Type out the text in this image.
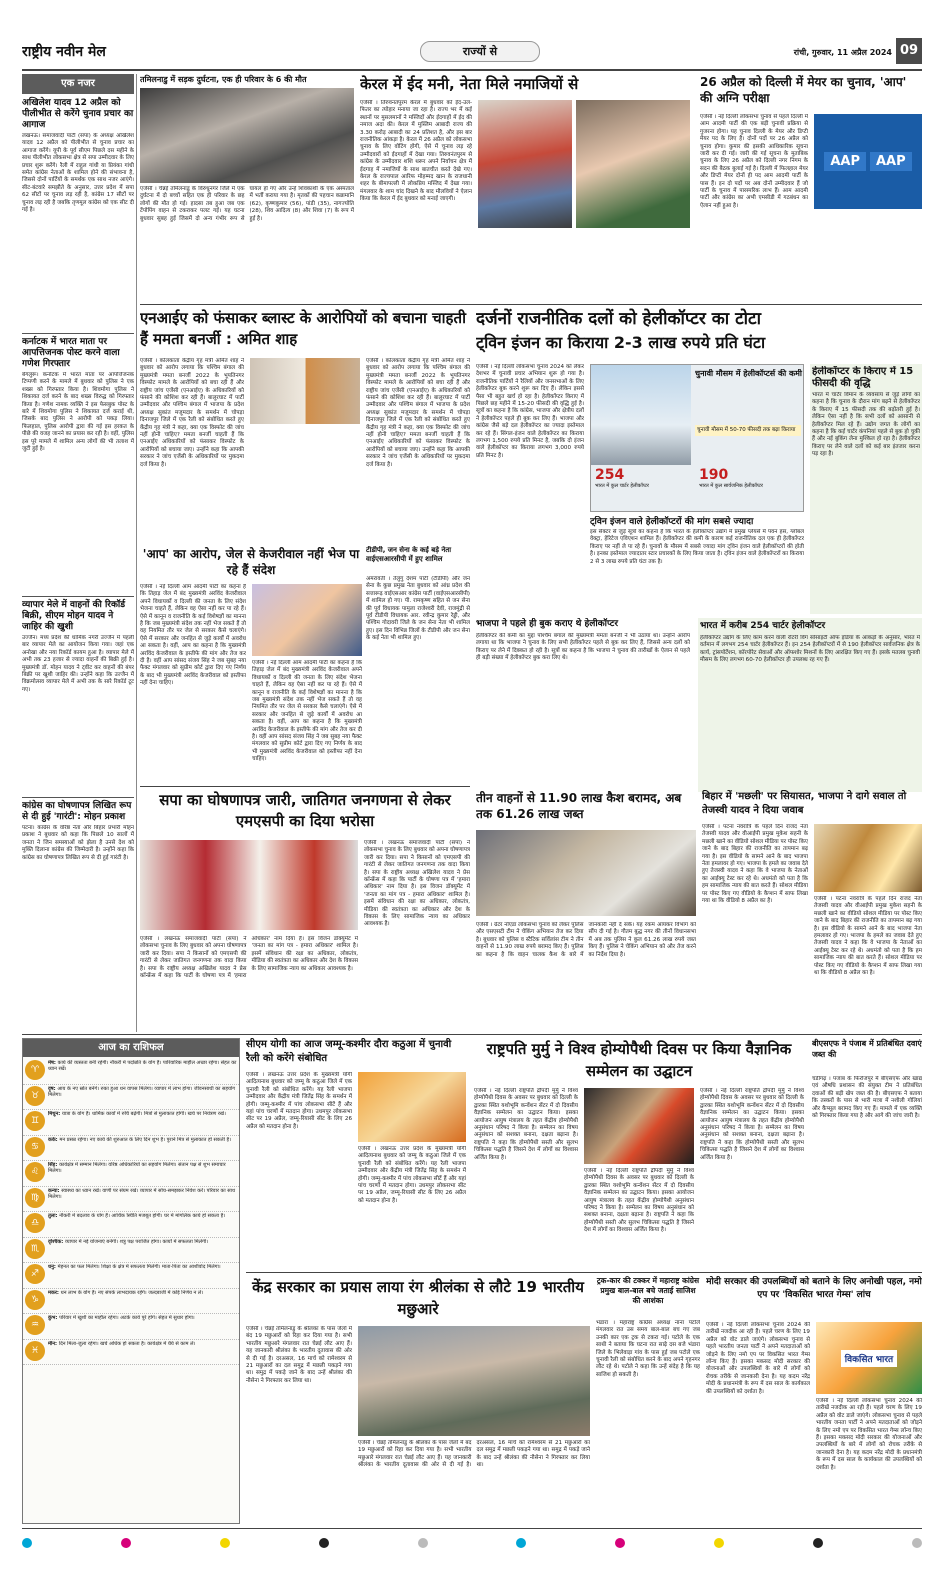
राष्ट्रीय नवीन मेल	राज्यों से	रांची, गुरुवार, 11 अप्रैल 2024 09
एक नजर
अखिलेश यादव 12 अप्रैल को पीलीभीत से करेंगे चुनाव प्रचार का आगाज
लखनऊ। समाजवादी पार्टी (सपा) के अध्यक्ष अखिलेश यादव 12 अप्रैल को पीलीभीत से चुनाव प्रचार का आगाज करेंगे। यूपी के पूर्व सीएम पिछले दस महीने के साथ पीलीभीत लोकसभा क्षेत्र से सपा उम्मीदवार के लिए प्रचार शुरू करेंगे। रैली में राहुल गांधी या प्रियंका गांधी समेत कांग्रेस नेताओं के शामिल होने की संभावना है, जिससे दोनों पार्टियों के समर्थक एक साथ नजर आएंगे। सीट-बंटवारे समझौते के अनुसार, उत्तर प्रदेश में सपा 62 सीटों पर चुनाव लड़ रही है, कांग्रेस 17 सीटों पर चुनाव लड़ रही है जबकि तृणमूल कांग्रेस को एक सीट दी गई है।
कर्नाटक में भारत माता पर आपत्तिजनक पोस्ट करने वाला गणेश गिरफ्तार
बेंगलुरू। कर्नाटक में भारत माता पर आपत्तिजनक टिप्पणी करने के मामले में बुधवार को पुलिस ने एक शख्स को गिरफ्तार किया है। शिवमोगा पुलिस ने शिकायत दर्ज करने के बाद शख्स विरुद्ध को गिरफ्तार किया है। गणेश नामक व्यक्ति ने इस फेसबुक पोस्ट के बारे में शिवमोगा पुलिस ने शिकायत दर्ज कराई थी, जिसके बाद पुलिस ने आरोपी को पकड़ लिया। फिलहाल, पुलिस आरोपी द्वारा की गई इस हरकत के पीछे की वजह जानने का प्रयास कर रही है। वहीं, पुलिस इस पूरे मामले में शामिल अन्य लोगों की भी तलाश में जुटी हुई है।
व्यापार मेले में वाहनों की रिकॉर्ड बिक्री, सीएम मोहन यादव ने जाहिर की खुशी
उज्जैन। मध्य प्रदेश की धार्मिक नगरी उज्जैन में पहली बार व्यापार मेले का आयोजन किया गया। जहां एक अनोखा और नया रिकॉर्ड कायम हुआ है। व्यापार मेले में अभी तक 23 हजार से ज्यादा वाहनों की बिक्री हुई है। मुख्यमंत्री डॉ. मोहन यादव ने ट्वीट कर वाहनों की बंपर बिक्री पर खुशी जाहिर की। उन्होंने कहा कि उज्जैन में विक्रमोत्सव व्यापार मेले में अभी तक के सारे रिकॉर्ड टूट गए।
कांग्रेस का घोषणापत्र लिखित रूप से दी हुई 'गारंटी': मोहन प्रकाश
पटना। कांग्रेस के वरिष्ठ नेता और बिहार प्रभारी मोहन प्रकाश ने बुधवार को कहा कि पिछले 10 सालों में जनता ने जिन समस्याओं को झेला है उनसे देश को मुक्ति दिलाना कांग्रेस की जिम्मेदारी है। उन्होंने कहा कि कांग्रेस का घोषणापत्र लिखित रूप से दी हुई गारंटी है।
तमिलनाडु में सड़क दुर्घटना, एक ही परिवार के 6 की मौत
एजेंसी । चेन्नई तमिलनाडु के विरुधुनगर जिले में एक दुर्घटना में दो बच्चों सहित एक ही परिवार के छह लोगों की मौत हो गई। हादसा तब हुआ जब एक टेंपोपिंग वाहन से टकराकर पलट गई। यह घटना बुधवार सुबह हुई जिसमें दो अन्य गंभीर रूप से घायल हो गए और उन्हें शिवकाशी के एक अस्पताल में भर्ती कराया गया है। मृतकों की पहचान कन्नामानि (62), कृष्णकुमार (56), पांडी (35), नागज्योति (28), शिव आदित्य (8) और शिवा (7) के रूप में हुई है।
केरल में ईद मनी, नेता मिले नमाजियों से
एजेंसी । तिरुवनंतपुरम केरल में बुधवार को ईद-उल-फितर का त्योहार मनाया जा रहा है। राज्य भर में कई स्थानों पर मुसलमानों ने मस्जिदों और ईदगाहों में ईद की नमाज अदा की। केरल में मुस्लिम आबादी राज्य की 3.30 करोड़ आबादी का 24 प्रतिशत है, और इस बार राजनीतिक आंकड़ा है। केरल में 26 अप्रैल को लोकसभा चुनाव के लिए वोटिंग होगी, ऐसे में चुनाव लड़ रहे उम्मीदवारों को ईदगाहों में देखा गया। तिरुवनंतपुरम से कांग्रेस के उम्मीदवार शशि थरूर अपने निर्वाचन क्षेत्र में ईदगाह में नमाजियों के साथ बातचीत करते देखे गए। केरल के राज्यपाल आरिफ मोहम्मद खान के राजधानी शहर के बीमापल्ली में लोकप्रिय मस्जिद में देखा गया। मंगलवार के शाम चांद दिखने के बाद मौलवियों ने ऐलान किया कि केरल में ईद बुधवार को मनाई जाएगी।
26 अप्रैल को दिल्ली में मेयर का चुनाव, 'आप' की अग्नि परीक्षा
एजेंसी । नई दिल्ली लोकसभा चुनाव से पहले दिल्ली में आम आदमी पार्टी की एक बड़ी चुनावी प्रक्रिया से गुजरना होगा। यह चुनाव दिल्ली के मेयर और डिप्टी मेयर पद के लिए है। दोनों पदों पर 26 अप्रैल को चुनाव होगा। कुमार की इसकी आधिकारिक सूचना जारी कर दी गई। जारी की गई सूचना के मुताबिक चुनाव के लिए 26 अप्रैल को दिल्ली नगर निगम के सदन की बैठक बुलाई गई है। दिल्ली में फिलहाल मेयर और डिप्टी मेयर दोनों ही पद आम आदमी पार्टी के पास हैं। इन दो पदों पर अब दोनों उम्मीदवार हैं जो पार्टी के चुनाव में पारस्परिक लाभ हैं। आम आदमी पार्टी और कांग्रेस का अभी एमसीडी में गठबंधन का ऐलान नहीं हुआ है।
AAP	AAP
एनआईए को फंसाकर ब्लास्ट के आरोपियों को बचाना चाहती हैं ममता बनर्जी : अमित शाह
एजेंसी । कोलकाता केंद्रीय गृह मंत्री अमित शाह ने बुधवार को आरोप लगाया कि पश्चिम बंगाल की मुख्यमंत्री ममता बनर्जी 2022 के भूपतिनगर विस्फोट मामले के आरोपियों को बचा रही हैं और राष्ट्रीय जांच एजेंसी (एनआईए) के अधिकारियों को फंसाने की कोशिश कर रही हैं। बालुरघाट में पार्टी उम्मीदवार और पश्चिम बंगाल में भाजपा के प्रदेश अध्यक्ष सुकांत मजूमदार के समर्थन में चोपड़ा दिनाजपुर जिले में एक रैली को संबोधित करते हुए केंद्रीय गृह मंत्री ने कहा, क्या एक विस्फोट की जांच नहीं होनी चाहिए? ममता बनर्जी चाहती हैं कि एनआईए अधिकारियों को फंसाकर विस्फोट के आरोपियों को बचाया जाए। उन्होंने कहा कि आपकी सरकार ने जांच एजेंसी के अधिकारियों पर मुकदमा दर्ज किया है।
एजेंसी । कोलकाता केंद्रीय गृह मंत्री अमित शाह ने बुधवार को आरोप लगाया कि पश्चिम बंगाल की मुख्यमंत्री ममता बनर्जी 2022 के भूपतिनगर विस्फोट मामले के आरोपियों को बचा रही हैं और राष्ट्रीय जांच एजेंसी (एनआईए) के अधिकारियों को फंसाने की कोशिश कर रही हैं। बालुरघाट में पार्टी उम्मीदवार और पश्चिम बंगाल में भाजपा के प्रदेश अध्यक्ष सुकांत मजूमदार के समर्थन में चोपड़ा दिनाजपुर जिले में एक रैली को संबोधित करते हुए केंद्रीय गृह मंत्री ने कहा, क्या एक विस्फोट की जांच नहीं होनी चाहिए? ममता बनर्जी चाहती हैं कि एनआईए अधिकारियों को फंसाकर विस्फोट के आरोपियों को बचाया जाए। उन्होंने कहा कि आपकी सरकार ने जांच एजेंसी के अधिकारियों पर मुकदमा दर्ज किया है।
दर्जनों राजनीतिक दलों को हेलीकॉप्टर का टोटा
ट्विन इंजन का किराया 2-3 लाख रुपये प्रति घंटा
एजेंसी । नई दिल्ली लोकसभा चुनाव 2024 को लेकर देशभर में चुनावी प्रचार अभियान शुरू हो गया है। राजनीतिक पार्टियों ने रैलियों और जनसभाओं के लिए हेलीकॉप्टर बुक करने शुरू कर दिए हैं। लेकिन इससे पैसा भी बहुत खर्च हो रहा है। हेलीकॉप्टर किराए में पिछले छह महीने में 15-20 फीसदी की वृद्धि हुई है। सूत्रों का कहना है कि कांग्रेस, भाजपा और क्षेत्रीय दलों ने हेलीकॉप्टर पहले ही बुक कर लिए हैं। भाजपा और कांग्रेस जैसे बड़े दल हेलीकॉप्टर का ज्यादा इस्तेमाल कर रहे हैं। सिंगल-इंजन वाले हेलीकॉप्टर का किराया लगभग 1,500 रुपये प्रति मिनट है, जबकि दो इंजन वाले हेलीकॉप्टर का किराया लगभग 3,000 रुपये प्रति मिनट है।
चुनावी मौसम में हेलीकॉप्टर्स की कमी
254
भारत में कुल चार्टर हेलीकॉप्टर
190
भारत में कुल सार्वजनिक हेलीकॉप्टर
चुनावी मौसम में 50-70 फीसदी तक बढ़ा किराया
ट्विन इंजन वाले हेलीकॉप्टरों की मांग सबसे ज्यादा
इस सेक्टर से जुड़े सूत्रों का कहना है कि भारत के हेलीकॉप्टर उद्योग में प्रमुख प्लेयर्स में पवन हंस, ग्लोबल वेक्ट्रा, हेरिटेज एविएशन शामिल हैं। हेलीकॉप्टर की कमी के कारण कई राजनीतिक दल एक ही हेलीकॉप्टर किराए पर नहीं ले पा रहे हैं। चुनावों के मौसम में सबसे ज्यादा मांग ट्विन इंजन वाले हेलीकॉप्टरों की होती है। इनका इस्तेमाल ज्यादातर स्टार प्रचारकों के लिए किया जाता है। ट्विन इंजन वाले हेलीकॉप्टरों का किराया 2 से 3 लाख रुपये प्रति घंटा तक है।
हेलीकॉप्टर के किराए में 15 फीसदी की वृद्धि
भारत में चार्टर विमान के व्यवसाय से जुड़े लोगों का कहना है कि चुनाव के दौरान मांग बढ़ने से हेलीकॉप्टर के किराए में 15 फीसदी तक की बढ़ोतरी हुई है। लेकिन ऐसा नहीं है कि सभी दलों को आसानी से हेलीकॉप्टर मिल रहे हैं। उद्योग जगत के लोगों का कहना है कि कई चार्टर कंपनियां पहले से बुक हो चुकी हैं और नई बुकिंग लेना मुश्किल हो रहा है। हेलीकॉप्टर किराए पर लेने वाले दलों को कई बार इंतजार करना पड़ रहा है।
भाजपा ने पहले ही बुक कराए थे हेलीकॉप्टर
हेलीकॉप्टर की कमी का मुद्दा पश्चिम बंगाल की मुख्यमंत्री ममता बनर्जी ने भी उठाया था। उन्होंने आरोप लगाया था कि भाजपा ने चुनाव के लिए सभी हेलीकॉप्टर पहले से बुक कर लिए हैं, जिससे अन्य दलों को किराए पर लेने में दिक्कत हो रही है। सूत्रों का कहना है कि भाजपा ने चुनाव की तारीखों के ऐलान से पहले ही बड़ी संख्या में हेलीकॉप्टर बुक करा लिए थे।
भारत में करीब 254 चार्टर हेलीकॉप्टर
हेलीकॉप्टर उद्योग के लिए काम करने वाली रोटरी विंग सोसाइटी ऑफ इंडिया के आंकड़ों के अनुसार, भारत में वर्तमान में लगभग 254 चार्टर हेलीकॉप्टर हैं। इन 254 हेलीकॉप्टरों में से 190 हेलीकॉप्टर सार्वजनिक क्षेत्र के कार्य, ट्रांसपोर्टेशन, कॉरपोरेट सेवाओं और ऑफशोर मिशनों के लिए आरक्षित किए गए हैं। इसके मतलब चुनावी मौसम के लिए लगभग 60-70 हेलीकॉप्टर ही उपलब्ध रह गए हैं।
'आप' का आरोप, जेल से केजरीवाल नहीं भेज पा रहे हैं संदेश
एजेंसी । नई दिल्ली आम आदमी पार्टी का कहना है कि तिहाड़ जेल में बंद मुख्यमंत्री अरविंद केजरीवाल अपने विधायकों व दिल्ली की जनता के लिए संदेश भेजना चाहते हैं, लेकिन वह ऐसा नहीं कर पा रहे हैं। ऐसे में कानून व राजनीति के कई विशेषज्ञों का मानना है कि जब मुख्यमंत्री संदेश तक नहीं भेज सकते हैं तो वह नियमित तौर पर जेल से सरकार कैसे चलाएंगे। ऐसे में सरकार और जनहित से जुड़े कार्यों में अवरोध आ सकता है। वहीं, आप का कहना है कि मुख्यमंत्री अरविंद केजरीवाल के इस्तीफे की मांग और तेज कर दी है। वहीं आप सांसद संजय सिंह ने जब सुबह नया फैक्ट मंगलवार को सुप्रीम कोर्ट द्वारा दिए गए निर्णय के बाद भी मुख्यमंत्री अरविंद केजरीवाल को इस्तीफा नहीं देना चाहिए।
एजेंसी । नई दिल्ली आम आदमी पार्टी का कहना है कि तिहाड़ जेल में बंद मुख्यमंत्री अरविंद केजरीवाल अपने विधायकों व दिल्ली की जनता के लिए संदेश भेजना चाहते हैं, लेकिन वह ऐसा नहीं कर पा रहे हैं। ऐसे में कानून व राजनीति के कई विशेषज्ञों का मानना है कि जब मुख्यमंत्री संदेश तक नहीं भेज सकते हैं तो वह नियमित तौर पर जेल से सरकार कैसे चलाएंगे। ऐसे में सरकार और जनहित से जुड़े कार्यों में अवरोध आ सकता है। वहीं, आप का कहना है कि मुख्यमंत्री अरविंद केजरीवाल के इस्तीफे की मांग और तेज कर दी है। वहीं आप सांसद संजय सिंह ने जब सुबह नया फैक्ट मंगलवार को सुप्रीम कोर्ट द्वारा दिए गए निर्णय के बाद भी मुख्यमंत्री अरविंद केजरीवाल को इस्तीफा नहीं देना चाहिए।
टीडीपी, जन सेना के कई बड़े नेता वाईएसआरसीपी में हुए शामिल
अमरावती । तेलुगु देशम पार्टी (टीडीपी) और जन सेना के कुछ प्रमुख नेता बुधवार को आंध्र प्रदेश की सत्तारूढ़ वाईएसआर कांग्रेस पार्टी (वाईएसआरसीपी) में शामिल हो गए। पी. रामकृष्ण सहित से जन सेना की पूर्व विधायक पामुला राजेश्वरी देवी, राजमुंद्री से पूर्व टीडीपी विधायक आर. रवीन्द्र कुमार रेड्डी, और पश्चिम गोदावरी जिले के जन सेना नेता भी शामिल हुए। इस दिन विभिन्न जिलों के टीडीपी और जन सेना के कई नेता भी शामिल हुए।
सपा का घोषणापत्र जारी, जातिगत जनगणना से लेकर एमएसपी का दिया भरोसा
एजेंसी । लखनऊ समाजवादी पार्टी (सपा) ने लोकसभा चुनाव के लिए बुधवार को अपना घोषणापत्र जारी कर दिया। सपा ने किसानों को एमएसपी की गारंटी से लेकर जातिगत जनगणना तक वादा किया है। सपा के राष्ट्रीय अध्यक्ष अखिलेश यादव ने प्रेस कॉन्फ्रेंस में कहा कि पार्टी के घोषणा पत्र में 'हमारा अधिकार' नाम दिया है। इस विजन डॉक्यूमेंट में 'जनता का मांग पत्र - हमारा अधिकार' शामिल है। इसमें संविधान की रक्षा का अधिकार, लोकतंत्र, मीडिया की स्वतंत्रता का अधिकार और देश के विकास के लिए सामाजिक न्याय का अधिकार आवश्यक है।
एजेंसी । लखनऊ समाजवादी पार्टी (सपा) ने लोकसभा चुनाव के लिए बुधवार को अपना घोषणापत्र जारी कर दिया। सपा ने किसानों को एमएसपी की गारंटी से लेकर जातिगत जनगणना तक वादा किया है। सपा के राष्ट्रीय अध्यक्ष अखिलेश यादव ने प्रेस कॉन्फ्रेंस में कहा कि पार्टी के घोषणा पत्र में 'हमारा अधिकार' नाम दिया है। इस विजन डॉक्यूमेंट में 'जनता का मांग पत्र - हमारा अधिकार' शामिल है। इसमें संविधान की रक्षा का अधिकार, लोकतंत्र, मीडिया की स्वतंत्रता का अधिकार और देश के विकास के लिए सामाजिक न्याय का अधिकार आवश्यक है।
तीन वाहनों से 11.90 लाख कैश बरामद, अब तक 61.26 लाख जब्त
एजेंसी । ग्रेटर नोएडा लोकसभा चुनाव को लेकर पुलिस और एसएसटी टीम ने चेकिंग अभियान तेज कर दिया है। बुधवार को पुलिस व स्टैटिक सर्विलांस टीम ने तीन वाहनों से 11.90 लाख रुपये बरामद किए हैं। पुलिस का कहना है कि वाहन चालक कैश के बारे में जानकारी नहीं दे सके। यह रकम आयकर विभाग को सौंप दी गई है। गौतम बुद्ध नगर की तीनों विधानसभा में अब तक पुलिस ने कुल 61.26 लाख रुपये जब्त किए हैं। पुलिस ने चेकिंग अभियान को और तेज करने का निर्देश दिया है।
बिहार में 'मछली' पर सियासत, भाजपा ने दागे सवाल तो तेजस्वी यादव ने दिया जवाब
एजेंसी । पटना नवरात्रि के पहले दिन राजद नेता तेजस्वी यादव और वीआईपी प्रमुख मुकेश सहनी के मछली खाने का वीडियो सोशल मीडिया पर पोस्ट किए जाने के बाद बिहार की राजनीति का तापमान बढ़ गया है। इस वीडियो के सामने आने के बाद भाजपा नेता हमलावर हो गए। भाजपा के हमले का जवाब देते हुए तेजस्वी यादव ने कहा कि वे भाजपा के नेताओं का आईक्यू टेस्ट कर रहे थे। अधमंतो को पता है कि हम सामाजिक न्याय की बात करते हैं। सोशल मीडिया पर पोस्ट किए गए वीडियो के कैप्शन में साफ लिखा गया था कि वीडियो 8 अप्रैल का है।	एजेंसी । पटना नवरात्रि के पहले दिन राजद नेता तेजस्वी यादव और वीआईपी प्रमुख मुकेश सहनी के मछली खाने का वीडियो सोशल मीडिया पर पोस्ट किए जाने के बाद बिहार की राजनीति का तापमान बढ़ गया है। इस वीडियो के सामने आने के बाद भाजपा नेता हमलावर हो गए। भाजपा के हमले का जवाब देते हुए तेजस्वी यादव ने कहा कि वे भाजपा के नेताओं का आईक्यू टेस्ट कर रहे थे। अधमंतो को पता है कि हम सामाजिक न्याय की बात करते हैं। सोशल मीडिया पर पोस्ट किए गए वीडियो के कैप्शन में साफ लिखा गया था कि वीडियो 8 अप्रैल का है।
आज का राशिफल
♈
मेष: कार्य की व्यस्तता बनी रहेगी। नौकरी में पदोन्नति के योग हैं। पारिवारिक माहौल अच्छा रहेगा। सेहत का ध्यान रखें।
♉
वृष: आय के नए स्रोत बनेंगे। रुका हुआ धन वापस मिलेगा। व्यापार में लाभ होगा। जीवनसाथी का सहयोग मिलेगा।
♊
मिथुन: यात्रा के योग हैं। धार्मिक कार्यों में रुचि बढ़ेगी। मित्रों से मुलाकात होगी। खर्च पर नियंत्रण रखें।
♋
कर्क: मन प्रसन्न रहेगा। नए कार्य की शुरुआत के लिए दिन शुभ है। पुराने मित्र से मुलाकात हो सकती है।
♌
सिंह: कार्यक्षेत्र में सम्मान मिलेगा। वरिष्ठ अधिकारियों का सहयोग मिलेगा। संतान पक्ष से शुभ समाचार मिलेगा।
♍
कन्या: स्वास्थ्य का ध्यान रखें। वाणी पर संयम रखें। व्यापार में सोच-समझकर निवेश करें। परिवार का साथ मिलेगा।
♎
तुला: नौकरी में बदलाव के योग हैं। आर्थिक स्थिति मजबूत होगी। घर में मांगलिक कार्य हो सकता है।
♏
वृश्चिक: व्यापार में नई योजनाएं बनेंगी। शत्रु पक्ष पराजित होगा। कार्यों में सफलता मिलेगी।
♐
धनु: मेहनत का फल मिलेगा। शिक्षा के क्षेत्र में सफलता मिलेगी। माता-पिता का आशीर्वाद मिलेगा।
♑
मकर: धन लाभ के योग हैं। नए संपर्क लाभदायक रहेंगे। जल्दबाजी में कोई निर्णय न लें।
♒
कुंभ: परिवार में खुशी का माहौल रहेगा। अटके कार्य पूरे होंगे। सेहत में सुधार होगा।
♓
मीन: दिन मिला-जुला रहेगा। खर्च अधिक हो सकता है। कार्यक्षेत्र में धैर्य से काम लें।
सीएम योगी का आज जम्मू-कश्मीर दौरा कठुआ में चुनावी रैली को करेंगे संबोधित
एजेंसी । लखनऊ उत्तर प्रदेश के मुख्यमंत्री योगी आदित्यनाथ बुधवार को जम्मू के कठुआ जिले में एक चुनावी रैली को संबोधित करेंगे। यह रैली भाजपा उम्मीदवार और केंद्रीय मंत्री जितेंद्र सिंह के समर्थन में होगी। जम्मू-कश्मीर में पांच लोकसभा सीटें हैं और यहां पांच चरणों में मतदान होगा। उधमपुर लोकसभा सीट पर 19 अप्रैल, जम्मू-रियासी सीट के लिए 26 अप्रैल को मतदान होना है।
एजेंसी । लखनऊ उत्तर प्रदेश के मुख्यमंत्री योगी आदित्यनाथ बुधवार को जम्मू के कठुआ जिले में एक चुनावी रैली को संबोधित करेंगे। यह रैली भाजपा उम्मीदवार और केंद्रीय मंत्री जितेंद्र सिंह के समर्थन में होगी। जम्मू-कश्मीर में पांच लोकसभा सीटें हैं और यहां पांच चरणों में मतदान होगा। उधमपुर लोकसभा सीट पर 19 अप्रैल, जम्मू-रियासी सीट के लिए 26 अप्रैल को मतदान होना है।
राष्ट्रपति मुर्मु ने विश्व होम्योपैथी दिवस पर किया वैज्ञानिक सम्मेलन का उद्घाटन
एजेंसी । नई दिल्ली राष्ट्रपति द्रौपदी मुर्मु ने विश्व होम्योपैथी दिवस के अवसर पर बुधवार को दिल्ली के द्वारका स्थित यशोभूमि कन्वेंशन सेंटर में दो दिवसीय वैज्ञानिक सम्मेलन का उद्घाटन किया। इसका आयोजन आयुष मंत्रालय के तहत केंद्रीय होम्योपैथी अनुसंधान परिषद ने किया है। सम्मेलन का विषय अनुसंधान को सशक्त बनाना, दक्षता बढ़ाना है। राष्ट्रपति ने कहा कि होम्योपैथी सस्ती और सुलभ चिकित्सा पद्धति है जिसने देश में लोगों का विश्वास अर्जित किया है।
एजेंसी । नई दिल्ली राष्ट्रपति द्रौपदी मुर्मु ने विश्व होम्योपैथी दिवस के अवसर पर बुधवार को दिल्ली के द्वारका स्थित यशोभूमि कन्वेंशन सेंटर में दो दिवसीय वैज्ञानिक सम्मेलन का उद्घाटन किया। इसका आयोजन आयुष मंत्रालय के तहत केंद्रीय होम्योपैथी अनुसंधान परिषद ने किया है। सम्मेलन का विषय अनुसंधान को सशक्त बनाना, दक्षता बढ़ाना है। राष्ट्रपति ने कहा कि होम्योपैथी सस्ती और सुलभ चिकित्सा पद्धति है जिसने देश में लोगों का विश्वास अर्जित किया है।
एजेंसी । नई दिल्ली राष्ट्रपति द्रौपदी मुर्मु ने विश्व होम्योपैथी दिवस के अवसर पर बुधवार को दिल्ली के द्वारका स्थित यशोभूमि कन्वेंशन सेंटर में दो दिवसीय वैज्ञानिक सम्मेलन का उद्घाटन किया। इसका आयोजन आयुष मंत्रालय के तहत केंद्रीय होम्योपैथी अनुसंधान परिषद ने किया है। सम्मेलन का विषय अनुसंधान को सशक्त बनाना, दक्षता बढ़ाना है। राष्ट्रपति ने कहा कि होम्योपैथी सस्ती और सुलभ चिकित्सा पद्धति है जिसने देश में लोगों का विश्वास अर्जित किया है।
बीएसएफ ने पंजाब में प्रतिबंधित दवाएं जब्त की
चंडीगढ़ । पंजाब के फिरोजपुर में बीएसएफ और खाद्य एवं औषधि प्रशासन की संयुक्त टीम ने प्रतिबंधित दवाओं की बड़ी खेप जब्त की है। बीएसएफ ने बताया कि तस्करों के पास से भारी मात्रा में नशीली गोलियां और कैप्सूल बरामद किए गए हैं। मामले में एक व्यक्ति को गिरफ्तार किया गया है और आगे की जांच जारी है।
केंद्र सरकार का प्रयास लाया रंग श्रीलंका से लौटे 19 भारतीय मछुआरे
एजेंसी । चेन्नई तमिलनाडु के श्रीलंका के पास जेलों में बंद 19 मछुआरों को रिहा कर दिया गया है। सभी भारतीय मछुआरे मंगलवार रात चेन्नई लौट आए हैं। यह जानकारी श्रीलंका के भारतीय दूतावास की ओर से दी गई है। दरअसल, 16 मार्च को रामेश्वरम से 21 मछुआरों का दल समुद्र में मछली पकड़ने गया था। समुद्र में पकड़े जाने के बाद उन्हें श्रीलंका की नौसेना ने गिरफ्तार कर लिया था।
एजेंसी । चेन्नई तमिलनाडु के श्रीलंका के पास जेलों में बंद 19 मछुआरों को रिहा कर दिया गया है। सभी भारतीय मछुआरे मंगलवार रात चेन्नई लौट आए हैं। यह जानकारी श्रीलंका के भारतीय दूतावास की ओर से दी गई है। दरअसल, 16 मार्च को रामेश्वरम से 21 मछुआरों का दल समुद्र में मछली पकड़ने गया था। समुद्र में पकड़े जाने के बाद उन्हें श्रीलंका की नौसेना ने गिरफ्तार कर लिया था।
ट्रक-कार की टक्कर में महाराष्ट्र कांग्रेस प्रमुख बाल-बाल बचे जताई साजिश की आशंका
भंडारा । महाराष्ट्र कांग्रेस अध्यक्ष नाना पटोले मंगलवार रात उस समय बाल-बाल बच गए जब उनकी कार एक ट्रक से टकरा गई। पटोले के एक साथी ने बताया कि घटना रात साढ़े दस बजे भंडारा जिले के भिलेवाड़ा गांव के पास हुई जब पटोले एक चुनावी रैली को संबोधित करने के बाद अपने गृहनगर लौट रहे थे। पटोले ने कहा कि उन्हें संदेह है कि यह साजिश हो सकती है।
मोदी सरकार की उपलब्धियों को बताने के लिए अनोखी पहल, नमो एप पर 'विकसित भारत गेम्स' लांच
एजेंसी । नई दिल्ली लोकसभा चुनाव 2024 की तारीखें नजदीक आ रही हैं। पहले चरण के लिए 19 अप्रैल को वोट डाले जाएंगे। लोकसभा चुनाव से पहले भारतीय जनता पार्टी ने अपने मतदाताओं को जोड़ने के लिए नमो एप पर विकसित भारत गेम्स लॉन्च किए हैं। इसका मकसद मोदी सरकार की योजनाओं और उपलब्धियों के बारे में लोगों को रोचक तरीके से जानकारी देना है। यह कदम नरेंद्र मोदी के प्रधानमंत्री के रूप में दस साल के कार्यकाल की उपलब्धियों को दर्शाता है।
विकसित भारत
एजेंसी । नई दिल्ली लोकसभा चुनाव 2024 की तारीखें नजदीक आ रही हैं। पहले चरण के लिए 19 अप्रैल को वोट डाले जाएंगे। लोकसभा चुनाव से पहले भारतीय जनता पार्टी ने अपने मतदाताओं को जोड़ने के लिए नमो एप पर विकसित भारत गेम्स लॉन्च किए हैं। इसका मकसद मोदी सरकार की योजनाओं और उपलब्धियों के बारे में लोगों को रोचक तरीके से जानकारी देना है। यह कदम नरेंद्र मोदी के प्रधानमंत्री के रूप में दस साल के कार्यकाल की उपलब्धियों को दर्शाता है।
